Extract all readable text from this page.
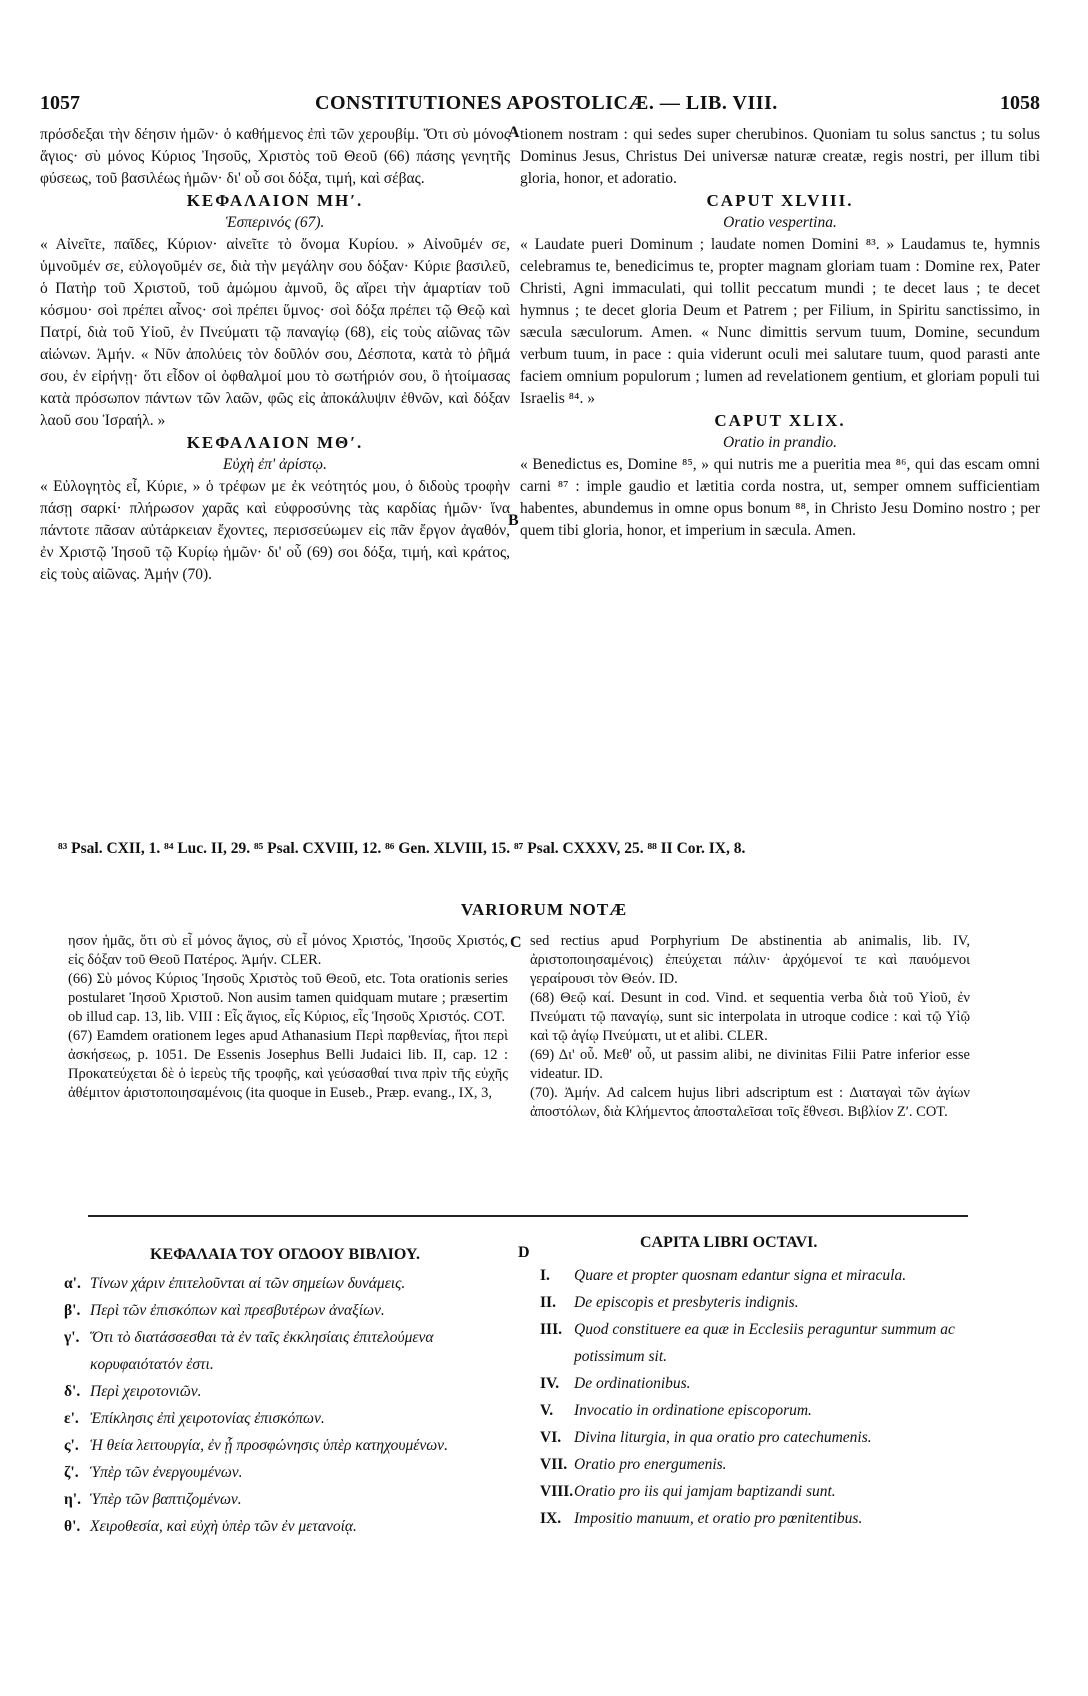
1057	CONSTITUTIONES APOSTOLICÆ. — LIB. VIII.	1058

πρόσδεξαι τὴν δέησιν ἡμῶν· ὁ καθήμενος ἐπὶ τῶν χερουβίμ. Ὅτι σὺ μόνος ἅγιος· σὺ μόνος Κύριος Ἰησοῦς, Χριστὸς τοῦ Θεοῦ (66) πάσης γενητῆς φύσεως, τοῦ βασιλέως ἡμῶν· δι' οὗ σοι δόξα, τιμή, καὶ σέβας.

ΚΕΦΑΛΑΙΟΝ ΜΗʹ.

Ἑσπερινός (67).

« Αἰνεῖτε, παῖδες, Κύριον· αἰνεῖτε τὸ ὄνομα Κυρίου. » Αἰνοῦμέν σε, ὑμνοῦμέν σε, εὐλογοῦμέν σε, διὰ τὴν μεγάλην σου δόξαν· Κύριε βασιλεῦ, ὁ Πατὴρ τοῦ Χριστοῦ, τοῦ ἀμώμου ἀμνοῦ, ὃς αἴρει τὴν ἁμαρτίαν τοῦ κόσμου· σοὶ πρέπει αἶνος· σοὶ πρέπει ὕμνος· σοὶ δόξα πρέπει τῷ Θεῷ καὶ Πατρί, διὰ τοῦ Υἱοῦ, ἐν Πνεύματι τῷ παναγίῳ (68), εἰς τοὺς αἰῶνας τῶν αἰώνων. Ἀμήν. « Νῦν ἀπολύεις τὸν δοῦλόν σου, Δέσποτα, κατὰ τὸ ῥῆμά σου, ἐν εἰρήνῃ· ὅτι εἶδον οἱ ὀφθαλμοί μου τὸ σωτήριόν σου, ὃ ἡτοίμασας κατὰ πρόσωπον πάντων τῶν λαῶν, φῶς εἰς ἀποκάλυψιν ἐθνῶν, καὶ δόξαν λαοῦ σου Ἰσραήλ. »

ΚΕΦΑΛΑΙΟΝ ΜΘʹ.

Εὐχὴ ἐπ' ἀρίστῳ.

« Εὐλογητὸς εἶ, Κύριε, » ὁ τρέφων με ἐκ νεότητός μου, ὁ διδοὺς τροφὴν πάσῃ σαρκί· πλήρωσον χαρᾶς καὶ εὐφροσύνης τὰς καρδίας ἡμῶν· ἵνα πάντοτε πᾶσαν αὐτάρκειαν ἔχοντες, περισσεύωμεν εἰς πᾶν ἔργον ἀγαθόν, ἐν Χριστῷ Ἰησοῦ τῷ Κυρίῳ ἡμῶν· δι' οὗ (69) σοι δόξα, τιμή, καὶ κράτος, εἰς τοὺς αἰῶνας. Ἀμήν (70).

tionem nostram : qui sedes super cherubinos. Quoniam tu solus sanctus ; tu solus Dominus Jesus, Christus Dei universæ naturæ creatæ, regis nostri, per illum tibi gloria, honor, et adoratio.

CAPUT XLVIII.

Oratio vespertina.

« Laudate pueri Dominum ; laudate nomen Domini ⁸³. » Laudamus te, hymnis celebramus te, benedicimus te, propter magnam gloriam tuam : Domine rex, Pater Christi, Agni immaculati, qui tollit peccatum mundi ; te decet laus ; te decet hymnus ; te decet gloria Deum et Patrem ; per Filium, in Spiritu sanctissimo, in sæcula sæculorum. Amen. « Nunc dimittis servum tuum, Domine, secundum verbum tuum, in pace : quia viderunt oculi mei salutare tuum, quod parasti ante faciem omnium populorum ; lumen ad revelationem gentium, et gloriam populi tui Israelis ⁸⁴. »

CAPUT XLIX.

Oratio in prandio.

« Benedictus es, Domine ⁸⁵, » qui nutris me a pueritia mea ⁸⁶, qui das escam omni carni ⁸⁷ : imple gaudio et lætitia corda nostra, ut, semper omnem sufficientiam habentes, abundemus in omne opus bonum ⁸⁸, in Christo Jesu Domino nostro ; per quem tibi gloria, honor, et imperium in sæcula. Amen.

A
B
C
D
⁸³ Psal. CXII, 1. ⁸⁴ Luc. II, 29. ⁸⁵ Psal. CXVIII, 12. ⁸⁶ Gen. XLVIII, 15. ⁸⁷ Psal. CXXXV, 25. ⁸⁸ II Cor. IX, 8.
VARIORUM NOTÆ

ησον ἡμᾶς, ὅτι σὺ εἶ μόνος ἅγιος, σὺ εἶ μόνος Χριστός, Ἰησοῦς Χριστός, εἰς δόξαν τοῦ Θεοῦ Πατέρος. Ἀμήν. CLER.

(66) Σὺ μόνος Κύριος Ἰησοῦς Χριστὸς τοῦ Θεοῦ, etc. Tota orationis series postularet Ἰησοῦ Χριστοῦ. Non ausim tamen quidquam mutare ; præsertim ob illud cap. 13, lib. VIII : Εἷς ἅγιος, εἷς Κύριος, εἷς Ἰησοῦς Χριστός. COT.

(67) Eamdem orationem leges apud Athanasium Περὶ παρθενίας, ἤτοι περὶ ἀσκήσεως, p. 1051. De Essenis Josephus Belli Judaici lib. II, cap. 12 : Προκατεύχεται δὲ ὁ ἱερεὺς τῆς τροφῆς, καὶ γεύσασθαί τινα πρὶν τῆς εὐχῆς ἀθέμιτον ἀριστοποιησαμένοις (ita quoque in Euseb., Præp. evang., IX, 3,

sed rectius apud Porphyrium De abstinentia ab animalis, lib. IV, ἀριστοποιησαμένοις) ἐπεύχεται πάλιν· ἀρχόμενοί τε καὶ παυόμενοι γεραίρουσι τὸν Θεόν. ID.

(68) Θεῷ καί. Desunt in cod. Vind. et sequentia verba διὰ τοῦ Υἱοῦ, ἐν Πνεύματι τῷ παναγίῳ, sunt sic interpolata in utroque codice : καὶ τῷ Υἱῷ καὶ τῷ ἁγίῳ Πνεύματι, ut et alibi. CLER.

(69) Δι' οὗ. Μεθ' οὗ, ut passim alibi, ne divinitas Filii Patre inferior esse videatur. ID.

(70). Ἀμήν. Ad calcem hujus libri adscriptum est : Διαταγαὶ τῶν ἁγίων ἀποστόλων, διὰ Κλήμεντος ἀποσταλεῖσαι τοῖς ἔθνεσι. Βιβλίον Ζʹ. COT.

ΚΕΦΑΛΑΙΑ ΤΟΥ ΟΓΔΟΟΥ ΒΙΒΛΙΟΥ.
CAPITA LIBRI OCTAVI.
α'. Τίνων χάριν ἐπιτελοῦνται αἱ τῶν σημείων δυνάμεις.
β'. Περὶ τῶν ἐπισκόπων καὶ πρεσβυτέρων ἀναξίων.
γ'. Ὅτι τὸ διατάσσεσθαι τὰ ἐν ταῖς ἐκκλησίαις ἐπιτελούμενα κορυφαιότατόν ἐστι.
δ'. Περὶ χειροτονιῶν.
ε'. Ἐπίκλησις ἐπὶ χειροτονίας ἐπισκόπων.
ς'. Ἡ θεία λειτουργία, ἐν ᾗ προσφώνησις ὑπὲρ κατηχουμένων.
ζ'. Ὑπὲρ τῶν ἐνεργουμένων.
η'. Ὑπὲρ τῶν βαπτιζομένων.
θ'. Χειροθεσία, καὶ εὐχὴ ὑπὲρ τῶν ἐν μετανοίᾳ.
I.	Quare et propter quosnam edantur signa et miracula.
II.	De episcopis et presbyteris indignis.
III. Quod constituere ea quæ in Ecclesiis peraguntur summum ac potissimum sit.
IV. De ordinationibus.
V.	Invocatio in ordinatione episcoporum.
VI. Divina liturgia, in qua oratio pro catechumenis.
VII. Oratio pro energumenis.
VIII. Oratio pro iis qui jamjam baptizandi sunt.
IX. Impositio manuum, et oratio pro pœnitentibus.
